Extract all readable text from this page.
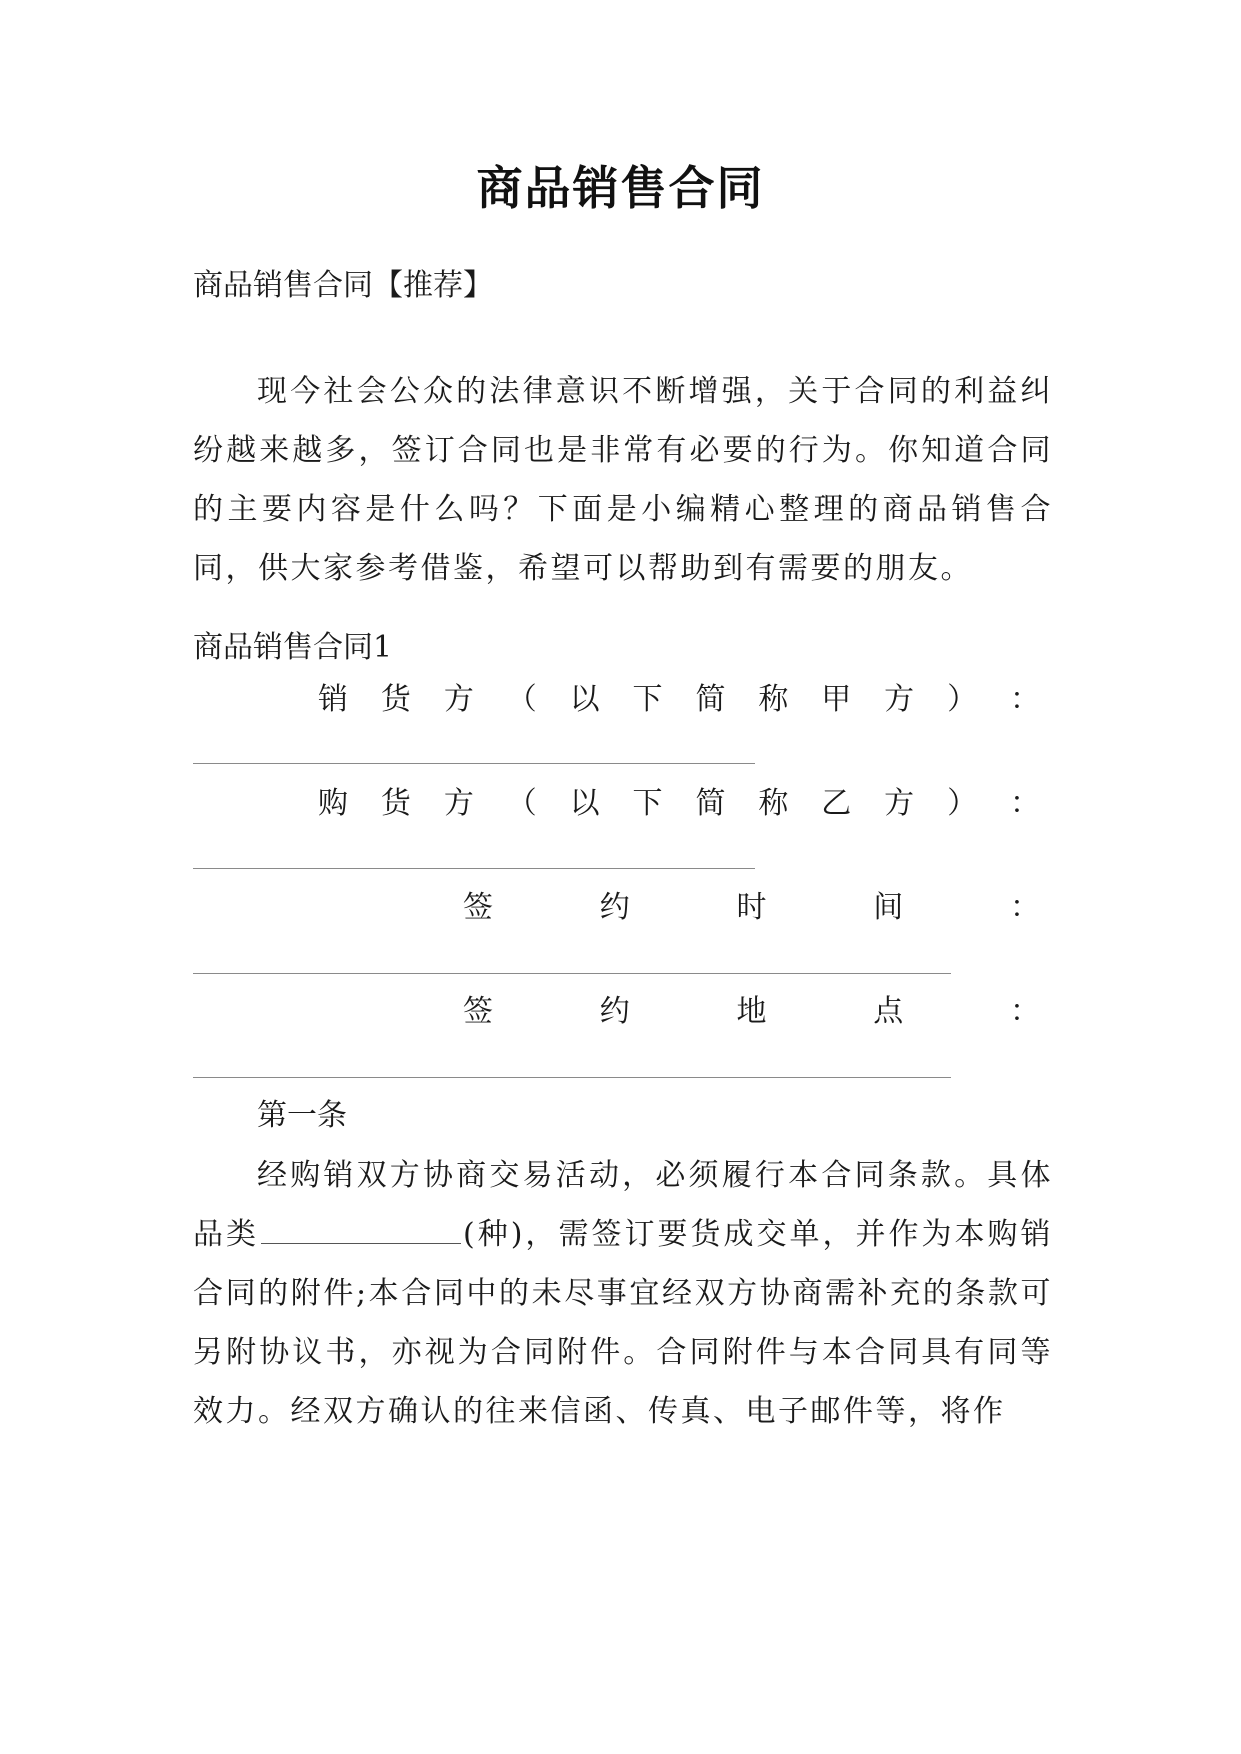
商品销售合同
商品销售合同【推荐】
现今社会公众的法律意识不断增强，关于合同的利益纠纷越来越多，签订合同也是非常有必要的行为。你知道合同的主要内容是什么吗？下面是小编精心整理的商品销售合同，供大家参考借鉴，希望可以帮助到有需要的朋友。
商品销售合同1
销 货 方 （ 以 下 简 称 甲 方 ） ：
购 货 方 （ 以 下 简 称 乙 方 ） ：
签	约	时	间	：
签	约	地	点	：
第一条
经购销双方协商交易活动，必须履行本合同条款。具体品类	(种)，需签订要货成交单，并作为本购销合同的附件;本合同中的未尽事宜经双方协商需补充的条款可另附协议书，亦视为合同附件。合同附件与本合同具有同等效力。经双方确认的往来信函、传真、电子邮件等，将作
